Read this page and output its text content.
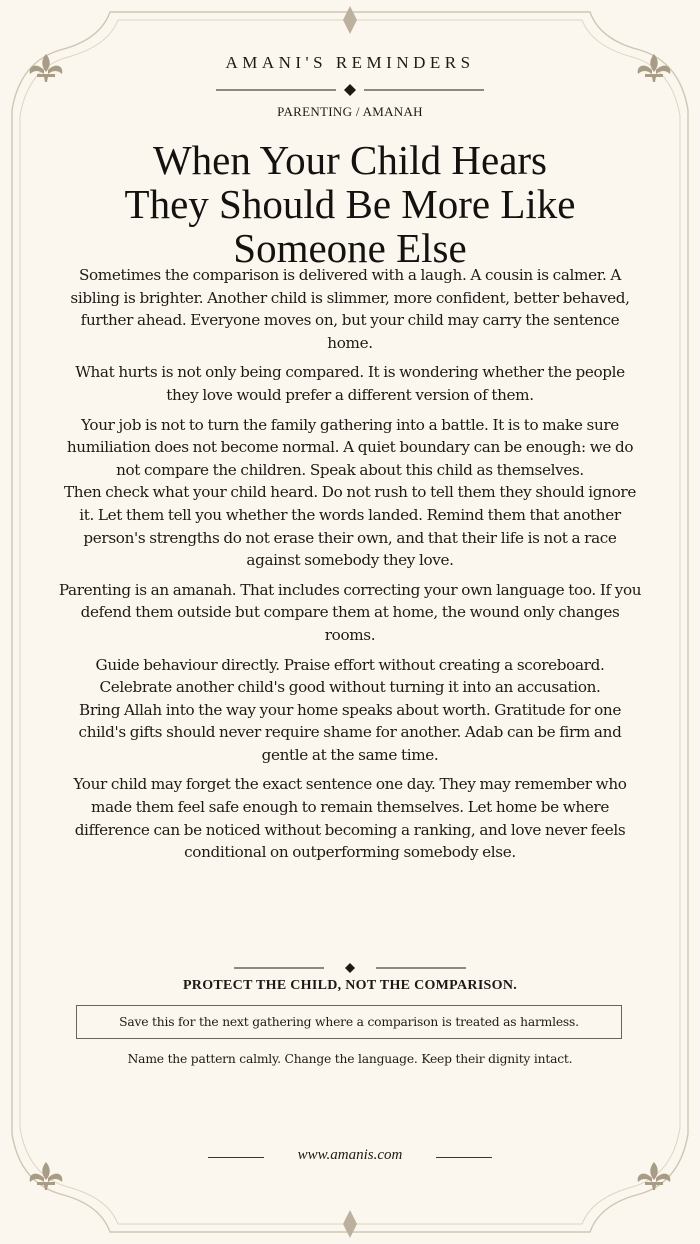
AMANI'S REMINDERS
PARENTING / AMANAH
When Your Child Hears
They Should Be More Like
Someone Else

Sometimes the comparison is delivered with a laugh. A cousin is calmer. A sibling is brighter. Another child is slimmer, more confident, better behaved, further ahead. Everyone moves on, but your child may carry the sentence home.

What hurts is not only being compared. It is wondering whether the people they love would prefer a different version of them.

Your job is not to turn the family gathering into a battle. It is to make sure humiliation does not become normal. A quiet boundary can be enough: we do not compare the children. Speak about this child as themselves.

Then check what your child heard. Do not rush to tell them they should ignore it. Let them tell you whether the words landed. Remind them that another person's strengths do not erase their own, and that their life is not a race against somebody they love.

Parenting is an amanah. That includes correcting your own language too. If you defend them outside but compare them at home, the wound only changes rooms.

Guide behaviour directly. Praise effort without creating a scoreboard. Celebrate another child's good without turning it into an accusation.

Bring Allah into the way your home speaks about worth. Gratitude for one child's gifts should never require shame for another. Adab can be firm and gentle at the same time.

Your child may forget the exact sentence one day. They may remember who made them feel safe enough to remain themselves. Let home be where difference can be noticed without becoming a ranking, and love never feels conditional on outperforming somebody else.

PROTECT THE CHILD, NOT THE COMPARISON.
Save this for the next gathering where a comparison is treated as harmless.
Name the pattern calmly. Change the language. Keep their dignity intact.
www.amanis.com
